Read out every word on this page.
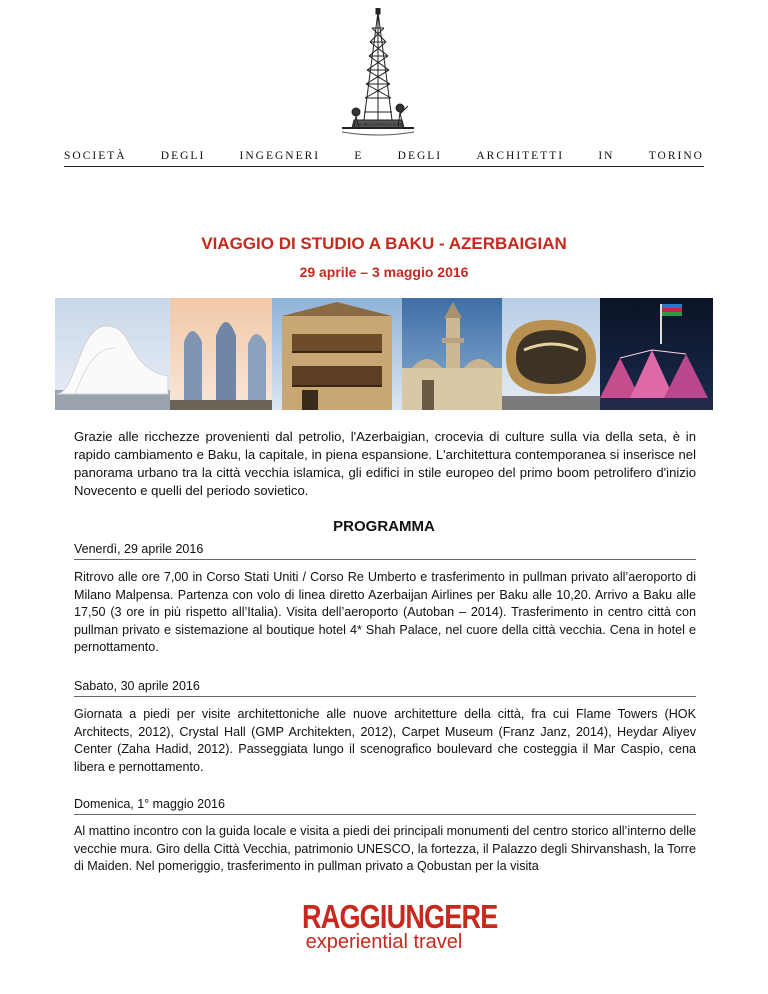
CON REGIA FONDAZIONE
SOCIETÀ	DEGLI	INGEGNERI	E	DEGLI	ARCHITETTI	IN	TORINO
VIAGGIO DI STUDIO A BAKU - AZERBAIGIAN
29 aprile – 3 maggio 2016

Grazie alle ricchezze provenienti dal petrolio, l'Azerbaigian, crocevia di culture sulla via della seta, è in rapido cambiamento e Baku, la capitale, in piena espansione. L'architettura contemporanea si inserisce nel panorama urbano tra la città vecchia islamica, gli edifici in stile europeo del primo boom petrolifero d'inizio Novecento e quelli del periodo sovietico.

PROGRAMMA
Venerdì, 29 aprile 2016

Ritrovo alle ore 7,00 in Corso Stati Uniti / Corso Re Umberto e trasferimento in pullman privato all’aeroporto di Milano Malpensa. Partenza con volo di linea diretto Azerbaijan Airlines per Baku alle 10,20. Arrivo a Baku alle 17,50 (3 ore in più rispetto all’Italia). Visita dell’aeroporto (Autoban – 2014). Trasferimento in centro città con pullman privato e sistemazione al boutique hotel 4* Shah Palace, nel cuore della città vecchia. Cena in hotel e pernottamento.

Sabato, 30 aprile 2016

Giornata a piedi per visite architettoniche alle nuove architetture della città, fra cui Flame Towers (HOK Architects, 2012), Crystal Hall (GMP Architekten, 2012), Carpet Museum (Franz Janz, 2014), Heydar Aliyev Center (Zaha Hadid, 2012). Passeggiata lungo il scenografico boulevard che costeggia il Mar Caspio, cena libera e pernottamento.

Domenica, 1° maggio 2016

Al mattino incontro con la guida locale e visita a piedi dei principali monumenti del centro storico all’interno delle vecchie mura. Giro della Città Vecchia, patrimonio UNESCO, la fortezza, il Palazzo degli Shirvanshash, la Torre di Maiden. Nel pomeriggio, trasferimento in pullman privato a Qobustan per la visita

RAGGIUNGERE
experiential travel
